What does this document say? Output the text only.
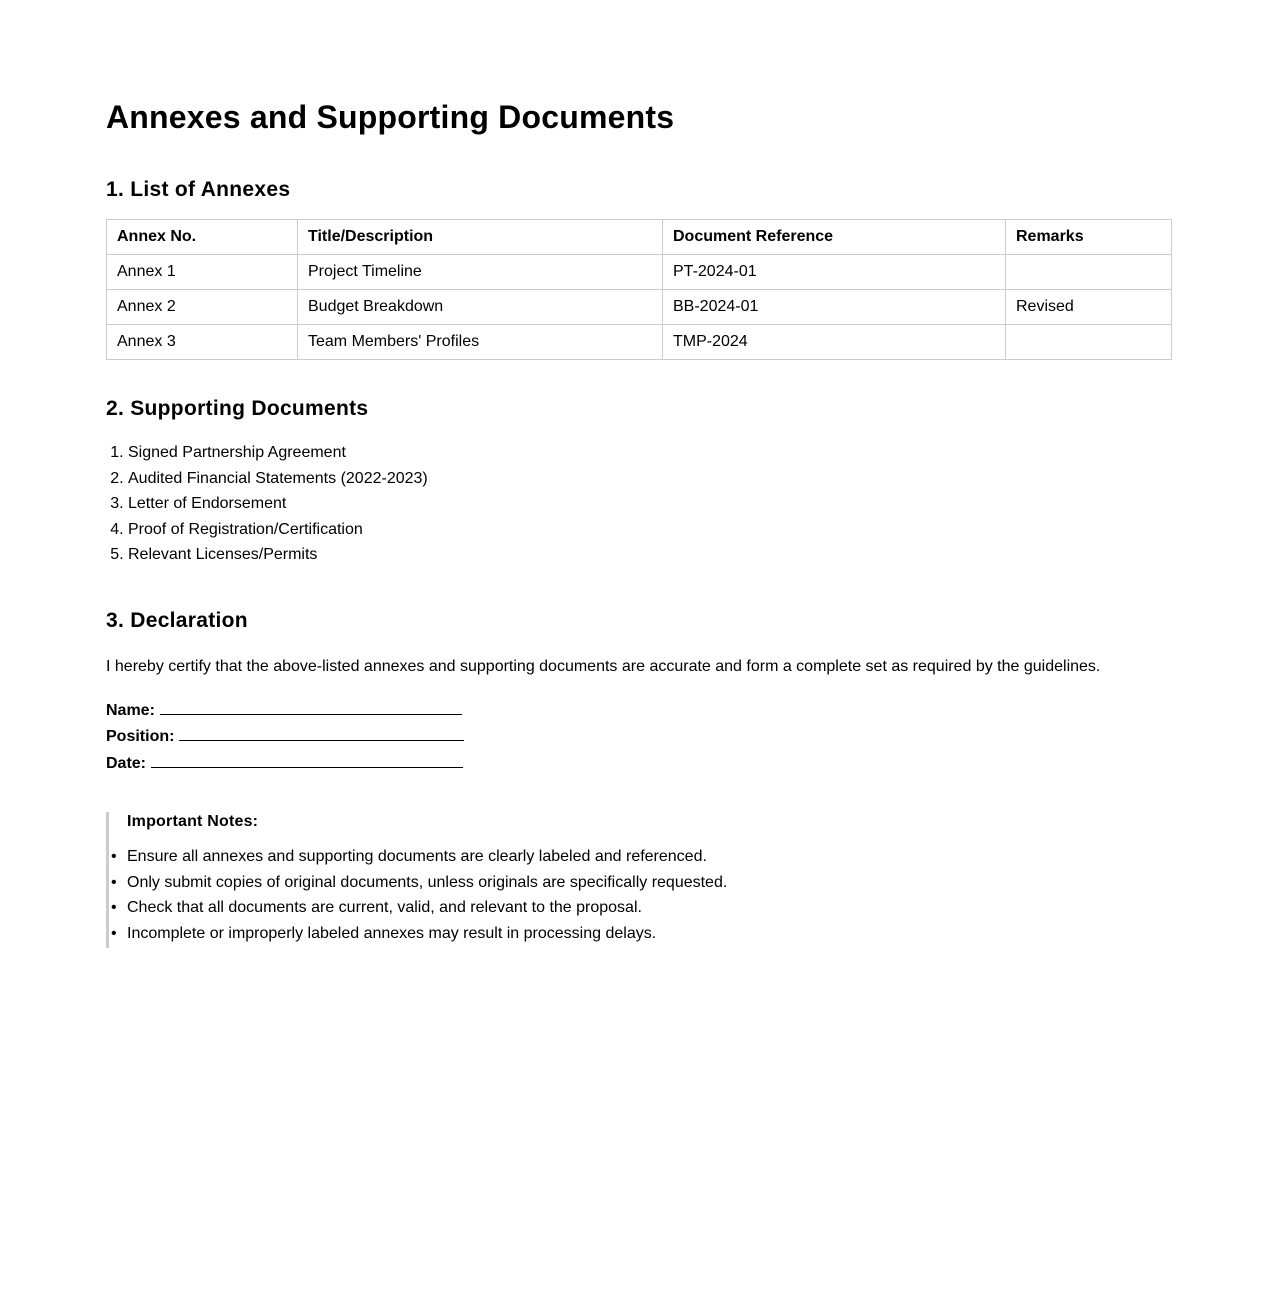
Annexes and Supporting Documents
1. List of Annexes
Annex No.	Title/Description	Document Reference	Remarks
Annex 1	Project Timeline	PT-2024-01	
Annex 2	Budget Breakdown	BB-2024-01	Revised
Annex 3	Team Members' Profiles	TMP-2024	
2. Supporting Documents
1. Signed Partnership Agreement
2. Audited Financial Statements (2022-2023)
3. Letter of Endorsement
4. Proof of Registration/Certification
5. Relevant Licenses/Permits
3. Declaration

I hereby certify that the above-listed annexes and supporting documents are accurate and form a complete set as required by the guidelines.

Name:
Position:
Date:
Important Notes:
• Ensure all annexes and supporting documents are clearly labeled and referenced.
• Only submit copies of original documents, unless originals are specifically requested.
• Check that all documents are current, valid, and relevant to the proposal.
• Incomplete or improperly labeled annexes may result in processing delays.
